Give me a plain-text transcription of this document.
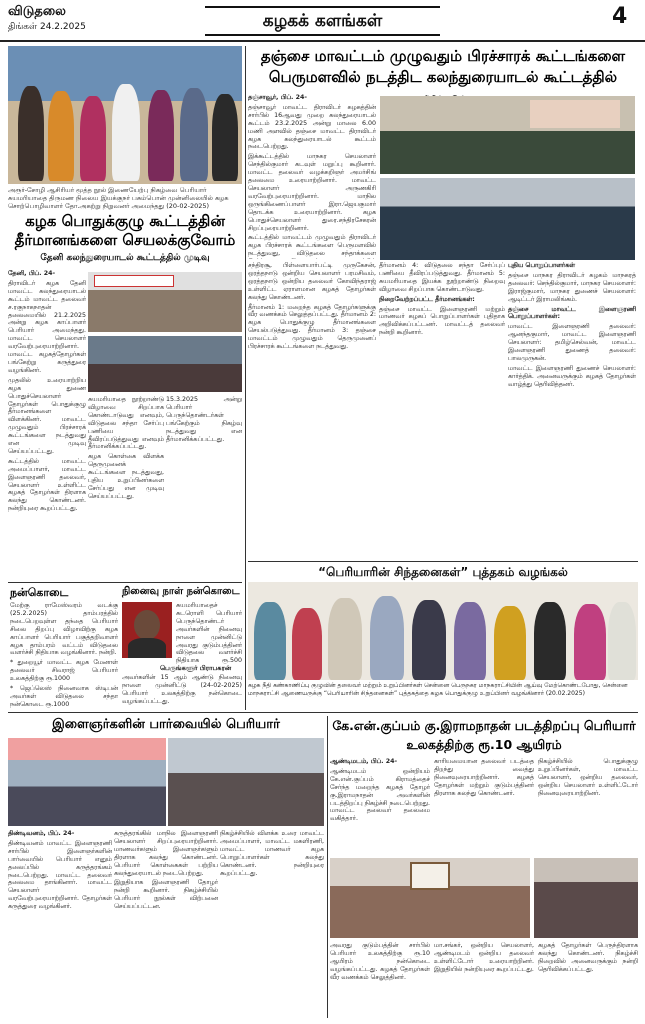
விடுதலை
திங்கள் 24.2.2025	கழகக் களங்கள்	4
அரூர்-சோழி ஆசிரியர் மூத்த நூல் இணையேற்பு நிகழ்வை பெரியார் சுயமரியாதை திருமண நிலைய இயக்குநர் பசும்பொன் முன்னிலையில் கழக சொற்பொழிவாளர் தோ.அகற்று நிறுவனர் அமைந்தது (20-02-2025)
கழக பொதுக்குழு கூட்டத்தின் தீர்மானங்களை செயலக்குவோம்
தேனி கலந்துரையாடல் கூட்டத்தில் முடிவு

தேனி, பிப். 24-

திராவிடர் கழக தேனி மாவட்ட கலந்துரையாடல் கூட்டம் மாவட்ட தலைவர் ச.ரகுநாகநாதன் தலைமையில் 21.2.2025 அன்று கழக காப்பாளர் பெரியார் அமைந்தது. மாவட்ட செயலாளர் வரவேற்புரையாற்றினார். மாவட்ட கழகத்தோழர்கள் பங்கேற்று கருத்துரை வழங்கினர்.

முதலில் உரையாற்றிய கழக துணை பொதுச்செயலாளர் தோழர்கள் பொதுக்குழு தீர்மானங்களை விளக்கினர். மாவட்ட முழுவதும் பிரச்சாரக் கூட்டங்களை நடத்துவது என முடிவு செய்யப்பட்டது.

கூட்டத்தில் மாவட்ட அமைப்பாளர், மாவட்ட இளைஞரணி தலைவர், செயலாளர் உள்ளிட்ட கழகத் தோழர்கள் திரளாக கலந்து கொண்டனர். நன்றியுரை கூறப்பட்டது.

சுயமரியாதை நூற்றாண்டு விழாவை சிறப்பாக கொண்டாடுவது எனவும், விடுதலை சந்தா சேர்ப்பு பணியை தீவிரப்படுத்துவது எனவும் தீர்மானிக்கப்பட்டது.

கழக கொள்கை விளக்க தெருமுனைக் கூட்டங்களை நடத்துவது, புதிய உறுப்பினர்களை சேர்ப்பது என முடிவு செய்யப்பட்டது.

15.3.2025 அன்று பெரியார் பெருந்தொண்டர்கள் பங்கேற்கும் நிகழ்வு நடத்துவது என தீர்மானிக்கப்பட்டது.

தஞ்சை மாவட்டம் முழுவதும் பிரச்சாரக் கூட்டங்களை பெருமளவில் நடத்திட கலந்துரையாடல் கூட்டத்தில்

தஞ்சாவூர், பிப். 24-

தஞ்சாவூர் மாவட்ட திராவிடர் கழகத்தின் சார்பில் 16ஆவது முறை கலந்துரையாடல் கூட்டம் 23.2.2025 அன்று மாலை 6.00 மணி அளவில் தஞ்சை மாவட்ட திராவிடர் கழக கலந்துரையாடல் கூட்டம் நடைபெற்றது.

இக்கூட்டத்தில் மாநகர செயலாளர் செந்தில்குமார் கடவுள் மறுப்பு கூறினார். மாவட்ட தலைவர் வழக்கறிஞர் அமர்சிங் தலைமை உரையாற்றினார். மாவட்ட செயலாளர் அருணகிரி வரவேற்புரையாற்றினார். மாநில ஒருங்கிணைப்பாளர் இரா.ஜெயகுமார் தொடக்க உரையாற்றினார். கழக பொதுச்செயலாளர் துரை.சந்திரசேகரன் சிறப்புரையாற்றினார்.

கூட்டத்தில் மாவட்டம் முழுவதும் திராவிடர் கழக பிரச்சாரக் கூட்டங்களை பெருமளவில் நடத்துவது, விடுதலை சந்தாக்களை

சந்திரசூ, பிள்ளையார்பட்டி முருகேசன், ஒரத்தநாடு ஒன்றிய செயலாளர் பரமசிவம், ஒரத்தநாடு ஒன்றிய தலைவர் கோவிந்தராஜ் உள்ளிட்ட ஏராளமான கழகத் தோழர்கள் கலந்து கொண்டனர்.

தீர்மானம் 1: மறைந்த கழகத் தோழர்களுக்கு வீர வணக்கம் செலுத்தப்பட்டது. தீர்மானம் 2: கழக பொதுக்குழு தீர்மானங்களை செயல்படுத்துவது. தீர்மானம் 3: தஞ்சை மாவட்டம் முழுவதும் தெருமுனைப் பிரச்சாரக் கூட்டங்களை நடத்துவது.

தீர்மானம் 4: விடுதலை சந்தா சேர்ப்புப் பணியை தீவிரப்படுத்துவது. தீர்மானம் 5: சுயமரியாதை இயக்க நூற்றாண்டு நிறைவு விழாவை சிறப்பாக கொண்டாடுவது.

நிறைவேற்றப்பட்ட தீர்மானங்கள்:

தஞ்சை மாவட்ட இளைஞரணி மற்றும் மாணவர் கழகப் பொறுப்பாளர்கள் புதிதாக அறிவிக்கப்பட்டனர். மாவட்டத் தலைவர் நன்றி கூறினார்.

புதிய பொறுப்பாளர்கள்

தஞ்சை மாநகர திராவிடர் கழகம் மாநகரத் தலைவர்: செந்தில்குமார், மாநகர செயலாளர்: இராஜ்குமார், மாநகர துணைச் செயலாளர்: ஆடிட்டர் இராமலிங்கம்.

தஞ்சை மாவட்ட இளைஞரணி பொறுப்பாளர்கள்:

மாவட்ட இளைஞரணி தலைவர்: ஆனந்தகுமார், மாவட்ட இளைஞரணி செயலாளர்: தமிழ்செல்வன், மாவட்ட இளைஞரணி துணைத் தலைவர்: பாலமுருகன்.

மாவட்ட இளைஞரணி துணைச் செயலாளர்: கார்த்திக். அனைவருக்கும் கழகத் தோழர்கள் வாழ்த்து தெரிவித்தனர்.

“பெரியாரின் சிந்தனைகள்” புத்தகம் வழங்கல்
கழக நீதி கண்காணிப்பு குழுவின் தலைவர் மற்றும் உறுப்பினர்கள் சென்னை பெருநகர மாநகராட்சியின் ஆய்வு மேற்கொண்டபோது, சென்னை மாநகராட்சி ஆணையருக்கு “பெரியாரின் சிந்தனைகள்” புத்தகத்தை கழக பொதுக்குழு உறுப்பினர் வழங்கினார் (20.02.2025)
நன்கொடை

மேற்கு ராமேஸ்வரம் வடக்கு (25.2.2025) தாம்பரத்தில் நடைபெறவுள்ள தந்தை பெரியார் சிலை திறப்பு விழாவிற்கு கழக காப்பாளர் பெரியார் பகுத்தறிவாளர் கழக தாம்பரம் வட்டம் விடுதலை வளர்ச்சி நிதியாக வழங்கினார். நன்றி.

* துறையூர் மாவட்ட கழக மேனாள் தலைவர் சிவராஜ் பெரியார் உலகத்திற்கு ரூ.1000

* ஜெப்லெஸ் நினைவாக ஸ்டிபன் அவர்கள் விடுதலை சந்தா நன்கொடை ரூ.1000

நினைவு நாள் நன்கொடை
சுயமரியாதைச் சுடரொளி பெரியார் பெருந்தொண்டர் அவர்களின் நினைவு நாளை முன்னிட்டு அவரது குடும்பத்தினர் விடுதலை வளர்ச்சி நிதியாக ரூ.500
பெருங்களூர் பிராபகரன்
அவர்களின் 15 ஆம் ஆண்டு நினைவு நாளை முன்னிட்டு (24-02-2025) பெரியார் உலகத்திற்கு நன்கொடை வழங்கப்பட்டது.
இளைஞர்களின் பார்வையில் பெரியார்

திண்டிவனம், பிப். 24-

திண்டிவனம் மாவட்ட இளைஞரணி சார்பில் இளைஞர்களின் பார்வையில் பெரியார் எனும் தலைப்பில் கருத்தரங்கம் நடைபெற்றது. மாவட்ட தலைவர் தலைமை தாங்கினார். மாவட்ட செயலாளர் வரவேற்புரையாற்றினார். தோழர்கள் கருத்துரை வழங்கினர்.

கருத்தரங்கில் மாநில இளைஞரணி செயலாளர் சிறப்புரையாற்றினார். மாணவர்களும் இளைஞர்களும் திரளாக கலந்து கொண்டனர். பெரியார் கொள்கைகள் பற்றிய கலந்துரையாடல் நடைபெற்றது.

இறுதியாக இளைஞரணி தோழர் நன்றி கூறினார். நிகழ்ச்சியில் பெரியார் நூல்கள் விற்பனை செய்யப்பட்டன.

நிகழ்ச்சியில் விளக்க உரை மாவட்ட அமைப்பாளர், மாவட்ட மகளிரணி, மாவட்ட மாணவர் கழக பொறுப்பாளர்கள் கலந்து கொண்டனர். நன்றியுரை கூறப்பட்டது.

கே.என்.குப்பம் கு.இராமநாதன் படத்திறப்பு பெரியார் உலகத்திற்கு ரூ.10 ஆயிரம்

ஆண்டிமடம், பிப். 24-

ஆண்டிமடம் ஒன்றியம் கே.என்.குப்பம் கிராமத்தைச் சேர்ந்த மறைந்த கழகத் தோழர் கு.இராமநாதன் அவர்களின் படத்திறப்பு நிகழ்ச்சி நடைபெற்றது. மாவட்ட தலைவர் தலைமை வகித்தார்.

காரியமையான தலைவர் படத்தை திறந்து வைத்து நினைவுரையாற்றினார். கழகத் தோழர்கள் மற்றும் குடும்பத்தினர் திரளாக கலந்து கொண்டனர்.

நிகழ்ச்சியில் பொதுக்குழு உறுப்பினர்கள், மாவட்ட செயலாளர், ஒன்றிய தலைவர், ஒன்றிய செயலாளர் உள்ளிட்டோர் நினைவுரையாற்றினர்.

அவரது குடும்பத்தின் சார்பில் பெரியார் உலகத்திற்கு ரூ.10 ஆயிரம் நன்கொடை வழங்கப்பட்டது. கழகத் தோழர்கள் வீர வணக்கம் செலுத்தினர்.

மா.சங்கர், ஒன்றிய செயலாளர், ஆண்டிமடம் ஒன்றிய தலைவர் உள்ளிட்டோர் உரையாற்றினர். இறுதியில் நன்றியுரை கூறப்பட்டது.

கழகத் தோழர்கள் பெருந்திரளாக கலந்து கொண்டனர். நிகழ்ச்சி நிறைவில் அனைவருக்கும் நன்றி தெரிவிக்கப்பட்டது.
